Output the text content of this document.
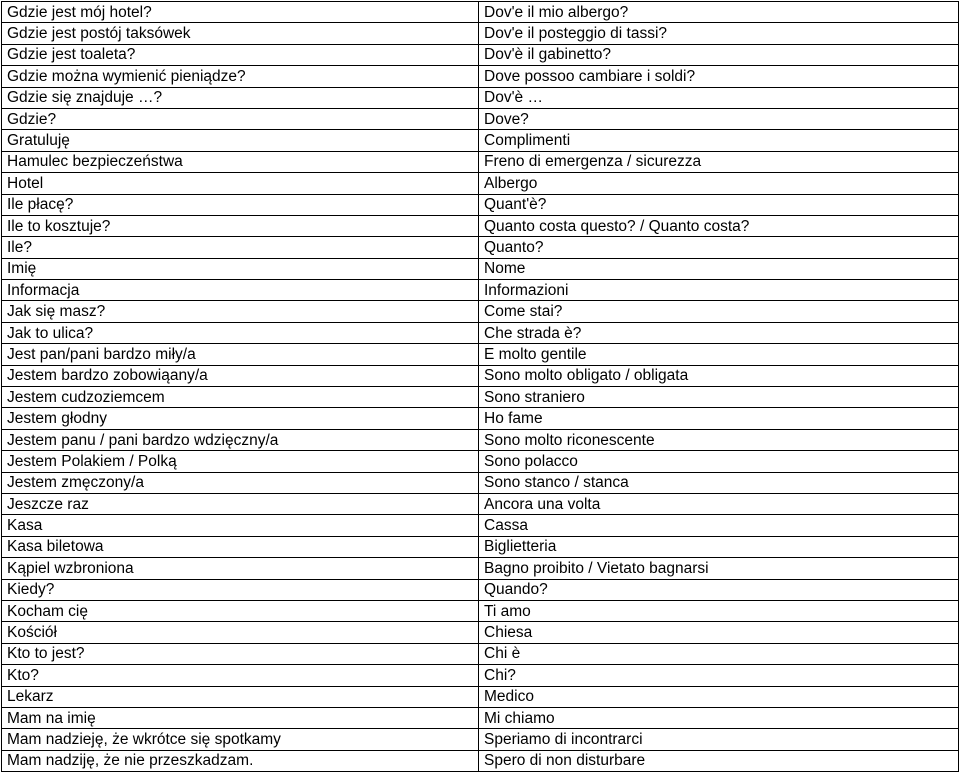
Gdzie jest mój hotel?	Dov'e il mio albergo?
Gdzie jest postój taksówek	Dov'e il posteggio di tassi?
Gdzie jest toaleta?	Dov'è il gabinetto?
Gdzie można wymienić pieniądze?	Dove possoo cambiare i soldi?
Gdzie się znajduje …?	Dov'è …
Gdzie?	Dove?
Gratuluję	Complimenti
Hamulec bezpieczeństwa	Freno di emergenza / sicurezza
Hotel	Albergo
Ile płacę?	Quant'è?
Ile to kosztuje?	Quanto costa questo? / Quanto costa?
Ile?	Quanto?
Imię	Nome
Informacja	Informazioni
Jak się masz?	Come stai?
Jak to ulica?	Che strada è?
Jest pan/pani bardzo miły/a	E molto gentile
Jestem bardzo zobowiąany/a	Sono molto obligato / obligata
Jestem cudzoziemcem	Sono straniero
Jestem głodny	Ho fame
Jestem panu / pani bardzo wdzięczny/a	Sono molto riconescente
Jestem Polakiem / Polką	Sono polacco
Jestem zmęczony/a	Sono stanco / stanca
Jeszcze raz	Ancora una volta
Kasa	Cassa
Kasa biletowa	Biglietteria
Kąpiel wzbroniona	Bagno proibito / Vietato bagnarsi
Kiedy?	Quando?
Kocham cię	Ti amo
Kościół	Chiesa
Kto to jest?	Chi è
Kto?	Chi?
Lekarz	Medico
Mam na imię	Mi chiamo
Mam nadzieję, że wkrótce się spotkamy	Speriamo di incontrarci
Mam nadziję, że nie przeszkadzam.	Spero di non disturbare
